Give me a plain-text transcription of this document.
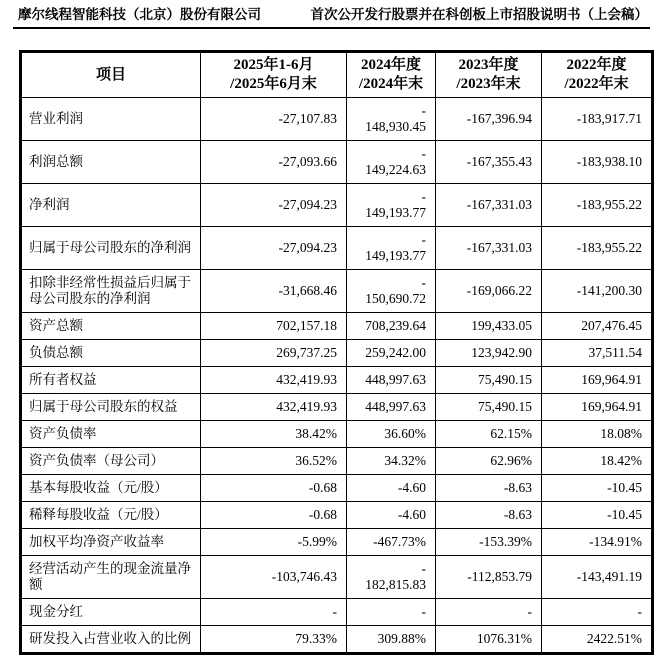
摩尔线程智能科技（北京）股份有限公司	首次公开发行股票并在科创板上市招股说明书（上会稿）
项目	2025年1-6月
/2025年6月末	2024年度
/2024年末	2023年度
/2023年末	2022年度
/2022年末
营业利润	-27,107.83	-
148,930.45	-167,396.94	-183,917.71
利润总额	-27,093.66	-
149,224.63	-167,355.43	-183,938.10
净利润	-27,094.23	-
149,193.77	-167,331.03	-183,955.22
归属于母公司股东的净利润	-27,094.23	-
149,193.77	-167,331.03	-183,955.22
扣除非经常性损益后归属于母公司股东的净利润	-31,668.46	-
150,690.72	-169,066.22	-141,200.30
资产总额	702,157.18	708,239.64	199,433.05	207,476.45
负债总额	269,737.25	259,242.00	123,942.90	37,511.54
所有者权益	432,419.93	448,997.63	75,490.15	169,964.91
归属于母公司股东的权益	432,419.93	448,997.63	75,490.15	169,964.91
资产负债率	38.42%	36.60%	62.15%	18.08%
资产负债率（母公司）	36.52%	34.32%	62.96%	18.42%
基本每股收益（元/股）	-0.68	-4.60	-8.63	-10.45
稀释每股收益（元/股）	-0.68	-4.60	-8.63	-10.45
加权平均净资产收益率	-5.99%	-467.73%	-153.39%	-134.91%
经营活动产生的现金流量净额	-103,746.43	-
182,815.83	-112,853.79	-143,491.19
现金分红	-	-	-	-
研发投入占营业收入的比例	79.33%	309.88%	1076.31%	2422.51%
